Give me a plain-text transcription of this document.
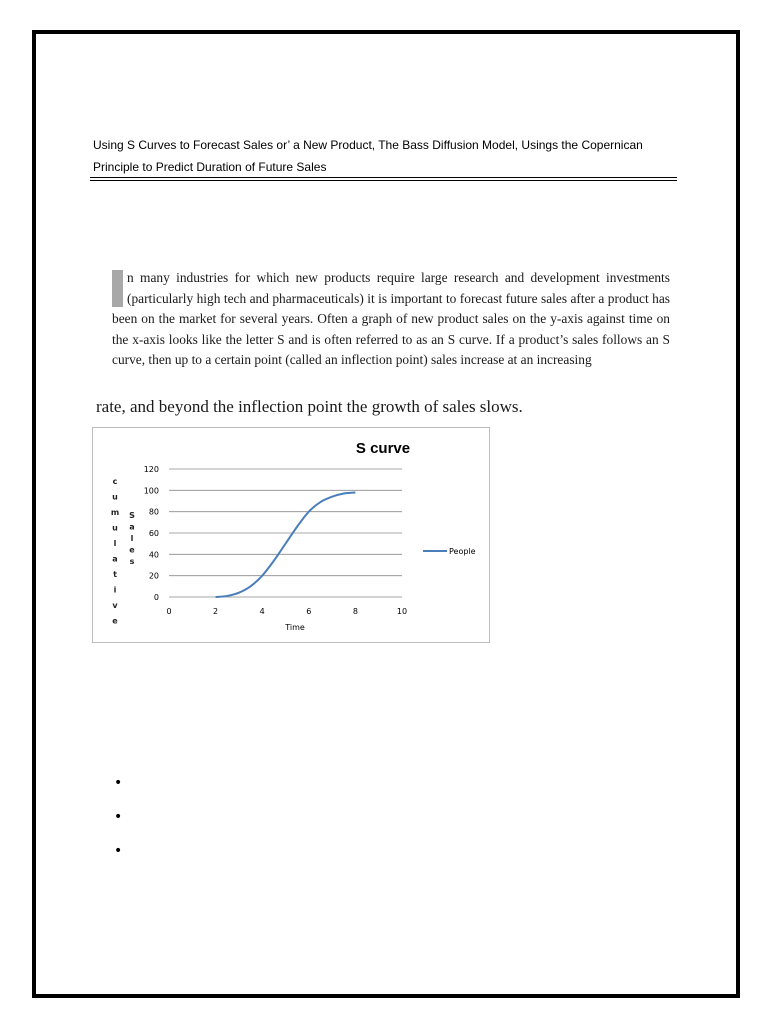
Using S Curves to Forecast Sales or’ a New Product, The Bass Diffusion Model, Usings the Copernican
Principle to Predict Duration of Future Sales
n many industries for which new products require large research and development investments (particularly high tech and pharmaceuticals) it is important to forecast future sales after a product has been on the market for several years. Often a graph of new product sales on the y-axis against time on the x-axis looks like the letter S and is often referred to as an S curve. If a product’s sales follows an S curve, then up to a certain point (called an inflection point) sales increase at an increasing
rate, and beyond the inflection point the growth of sales slows.
S curve
0
20
40
60
80
100
120
0	2	4	6	8	10
c
u
m
u
l
a
t
i
v
e
S
a
l
e
s
Time
People
•
•
•
